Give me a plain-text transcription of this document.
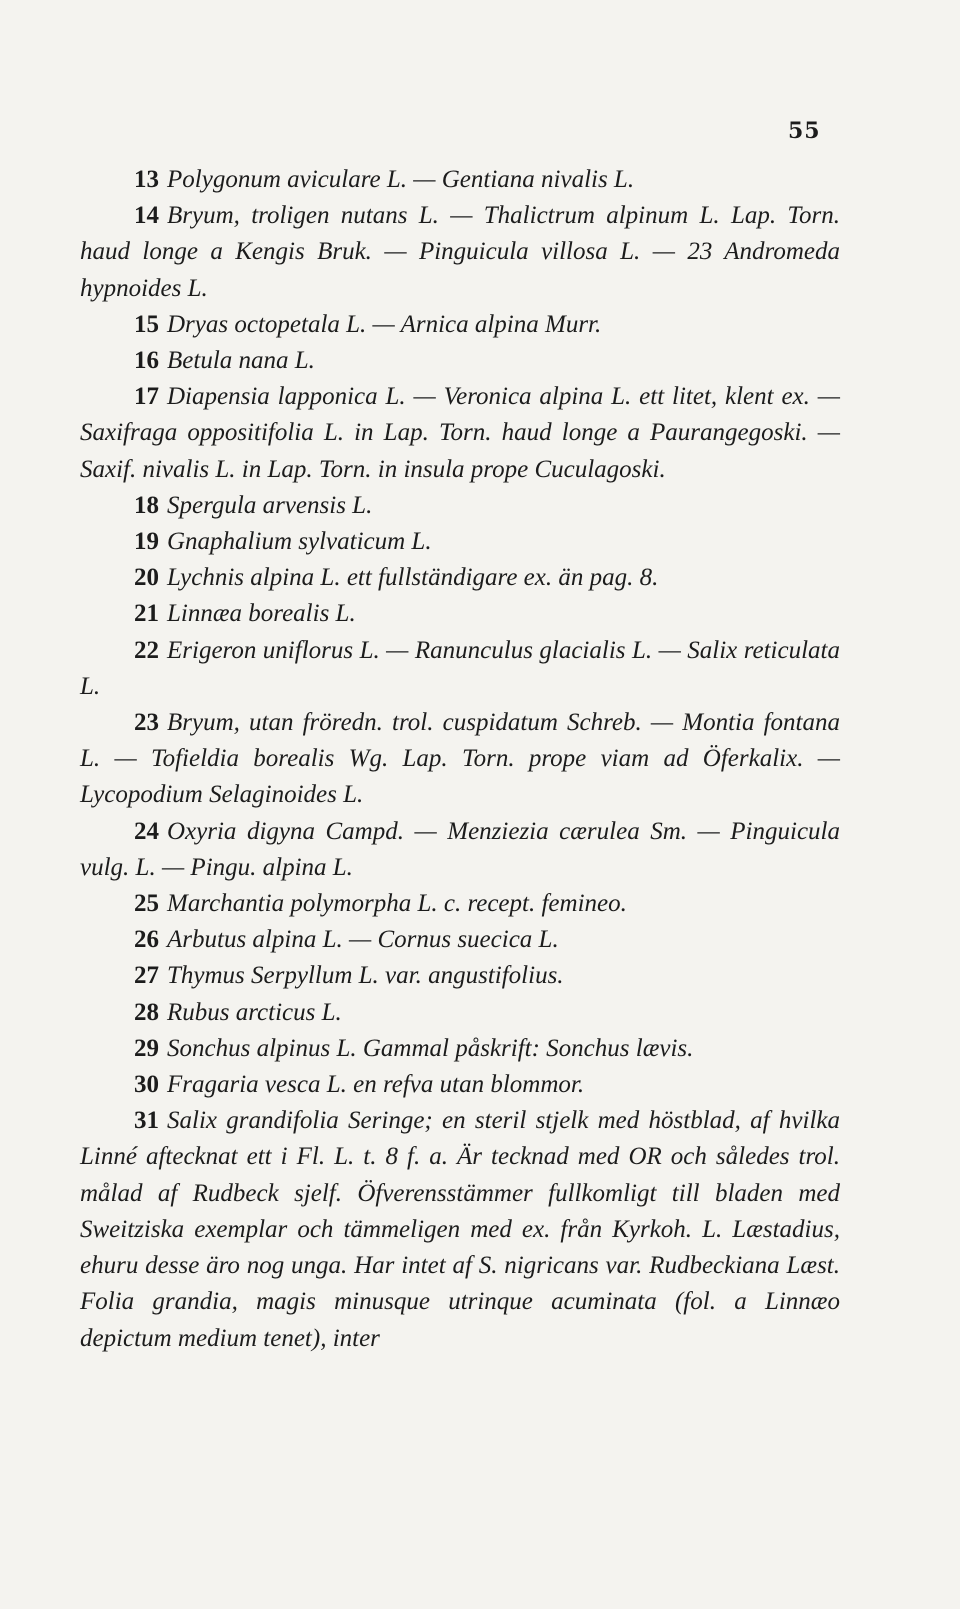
55

13 Polygonum aviculare L. — Gentiana nivalis L.

14 Bryum, troligen nutans L. — Thalictrum alpinum L. Lap. Torn. haud longe a Kengis Bruk. — Pinguicula villosa L. — 23 Andromeda hypnoides L.

15 Dryas octopetala L. — Arnica alpina Murr.

16 Betula nana L.

17 Diapensia lapponica L. — Veronica alpina L. ett litet, klent ex. — Saxifraga oppositifolia L. in Lap. Torn. haud longe a Paurangegoski. — Saxif. nivalis L. in Lap. Torn. in insula prope Cuculagoski.

18 Spergula arvensis L.

19 Gnaphalium sylvaticum L.

20 Lychnis alpina L. ett fullständigare ex. än pag. 8.

21 Linnæa borealis L.

22 Erigeron uniflorus L. — Ranunculus glacialis L. — Salix reticulata L.

23 Bryum, utan fröredn. trol. cuspidatum Schreb. — Montia fontana L. — Tofieldia borealis Wg. Lap. Torn. prope viam ad Öferkalix. — Lycopodium Selaginoides L.

24 Oxyria digyna Campd. — Menziezia cærulea Sm. — Pinguicula vulg. L. — Pingu. alpina L.

25 Marchantia polymorpha L. c. recept. femineo.

26 Arbutus alpina L. — Cornus suecica L.

27 Thymus Serpyllum L. var. angustifolius.

28 Rubus arcticus L.

29 Sonchus alpinus L. Gammal påskrift: Sonchus lævis.

30 Fragaria vesca L. en refva utan blommor.

31 Salix grandifolia Seringe; en steril stjelk med höstblad, af hvilka Linné aftecknat ett i Fl. L. t. 8 f. a. Är tecknad med OR och således trol. målad af Rudbeck sjelf. Öfverensstämmer fullkomligt till bladen med Sweitziska exemplar och tämmeligen med ex. från Kyrkoh. L. Læstadius, ehuru desse äro nog unga. Har intet af S. nigricans var. Rudbeckiana Læst. Folia grandia, magis minusque utrinque acuminata (fol. a Linnæo depictum medium tenet), inter
